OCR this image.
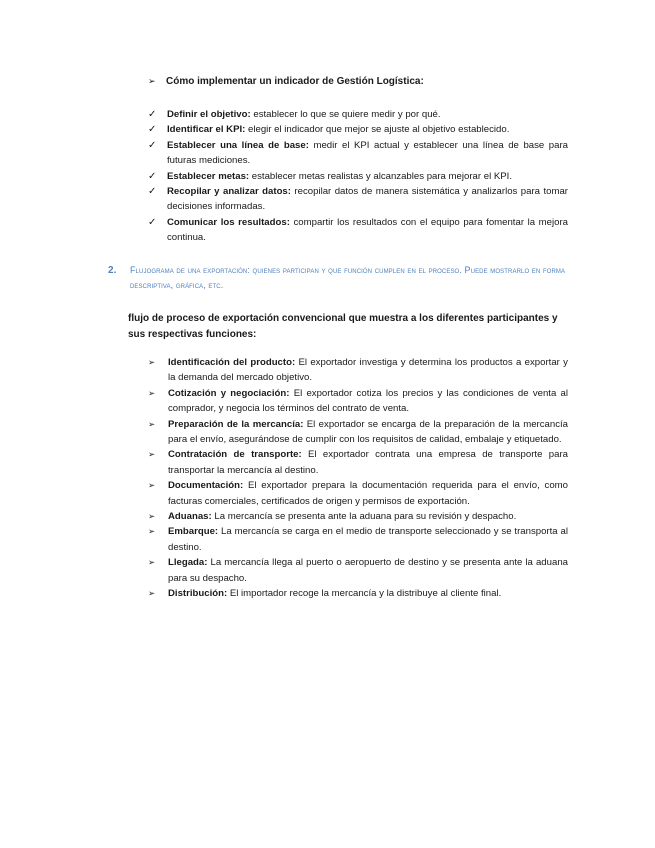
➢	Cómo implementar un indicador de Gestión Logística:
✓	Definir el objetivo: establecer lo que se quiere medir y por qué.
✓	Identificar el KPI: elegir el indicador que mejor se ajuste al objetivo establecido.
✓	Establecer una línea de base: medir el KPI actual y establecer una línea de base para futuras mediciones.
✓	Establecer metas: establecer metas realistas y alcanzables para mejorar el KPI.
✓	Recopilar y analizar datos: recopilar datos de manera sistemática y analizarlos para tomar decisiones informadas.
✓	Comunicar los resultados: compartir los resultados con el equipo para fomentar la mejora continua.
2.	Flujograma de una exportación: quienes participan y que función cumplen en el proceso. Puede mostrarlo en forma descriptiva, gráfica, etc.
flujo de proceso de exportación convencional que muestra a los diferentes participantes y sus respectivas funciones:
➢	Identificación del producto: El exportador investiga y determina los productos a exportar y la demanda del mercado objetivo.
➢	Cotización y negociación: El exportador cotiza los precios y las condiciones de venta al comprador, y negocia los términos del contrato de venta.
➢	Preparación de la mercancía: El exportador se encarga de la preparación de la mercancía para el envío, asegurándose de cumplir con los requisitos de calidad, embalaje y etiquetado.
➢	Contratación de transporte: El exportador contrata una empresa de transporte para transportar la mercancía al destino.
➢	Documentación: El exportador prepara la documentación requerida para el envío, como facturas comerciales, certificados de origen y permisos de exportación.
➢	Aduanas: La mercancía se presenta ante la aduana para su revisión y despacho.
➢	Embarque: La mercancía se carga en el medio de transporte seleccionado y se transporta al destino.
➢	Llegada: La mercancía llega al puerto o aeropuerto de destino y se presenta ante la aduana para su despacho.
➢	Distribución: El importador recoge la mercancía y la distribuye al cliente final.
